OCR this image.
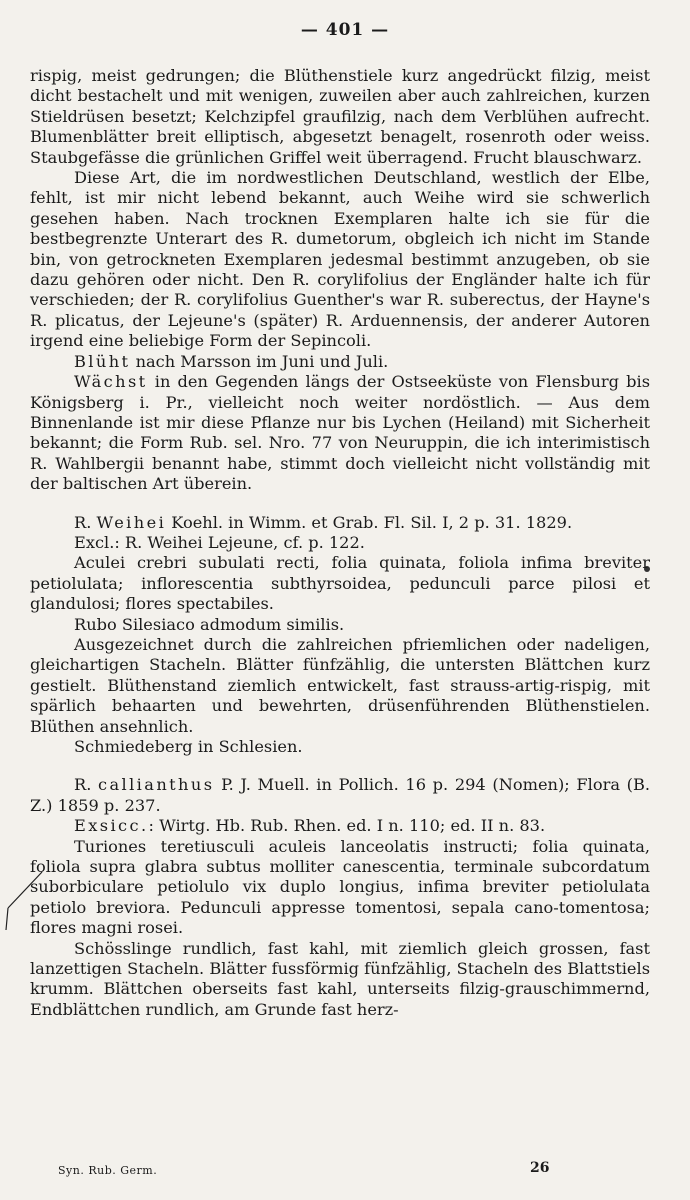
— 401 —

rispig, meist gedrungen; die Blüthenstiele kurz angedrückt filzig, meist dicht bestachelt und mit wenigen, zuweilen aber auch zahlreichen, kurzen Stieldrüsen besetzt; Kelchzipfel graufilzig, nach dem Verblühen aufrecht. Blumenblätter breit elliptisch, abgesetzt benagelt, rosenroth oder weiss. Staubgefässe die grünlichen Griffel weit überragend. Frucht blauschwarz.

Diese Art, die im nordwestlichen Deutschland, westlich der Elbe, fehlt, ist mir nicht lebend bekannt, auch Weihe wird sie schwerlich gesehen haben. Nach trocknen Exemplaren halte ich sie für die bestbegrenzte Unterart des R. dumetorum, obgleich ich nicht im Stande bin, von getrockneten Exemplaren jedesmal bestimmt anzugeben, ob sie dazu gehören oder nicht. Den R. corylifolius der Engländer halte ich für verschieden; der R. corylifolius Guenther's war R. suberectus, der Hayne's R. plicatus, der Lejeune's (später) R. Arduennensis, der anderer Autoren irgend eine beliebige Form der Sepincoli.

Blüht nach Marsson im Juni und Juli.

Wächst in den Gegenden längs der Ostseeküste von Flensburg bis Königsberg i. Pr., vielleicht noch weiter nordöstlich. — Aus dem Binnenlande ist mir diese Pflanze nur bis Lychen (Heiland) mit Sicherheit bekannt; die Form Rub. sel. Nro. 77 von Neuruppin, die ich interimistisch R. Wahlbergii benannt habe, stimmt doch vielleicht nicht vollständig mit der baltischen Art überein.

R. Weihei Koehl. in Wimm. et Grab. Fl. Sil. I, 2 p. 31. 1829.

Excl.: R. Weihei Lejeune, cf. p. 122.

Aculei crebri subulati recti, folia quinata, foliola infima breviter petiolulata; inflorescentia subthyrsoidea, pedunculi parce pilosi et glandulosi; flores spectabiles.

Rubo Silesiaco admodum similis.

Ausgezeichnet durch die zahlreichen pfriemlichen oder nadeligen, gleichartigen Stacheln. Blätter fünfzählig, die untersten Blättchen kurz gestielt. Blüthenstand ziemlich entwickelt, fast strauss-artig-rispig, mit spärlich behaarten und bewehrten, drüsenführenden Blüthenstielen. Blüthen ansehnlich.

Schmiedeberg in Schlesien.

R. callianthus P. J. Muell. in Pollich. 16 p. 294 (Nomen); Flora (B. Z.) 1859 p. 237.

Exsicc.: Wirtg. Hb. Rub. Rhen. ed. I n. 110; ed. II n. 83.

Turiones teretiusculi aculeis lanceolatis instructi; folia quinata, foliola supra glabra subtus molliter canescentia, terminale subcordatum suborbiculare petiolulo vix duplo longius, infima breviter petiolulata petiolo breviora. Pedunculi appresse tomentosi, sepala cano-tomentosa; flores magni rosei.

Schösslinge rundlich, fast kahl, mit ziemlich gleich grossen, fast lanzettigen Stacheln. Blätter fussförmig fünfzählig, Stacheln des Blattstiels krumm. Blättchen oberseits fast kahl, unterseits filzig-grauschimmernd, Endblättchen rundlich, am Grunde fast herz-

Syn. Rub. Germ.	26
